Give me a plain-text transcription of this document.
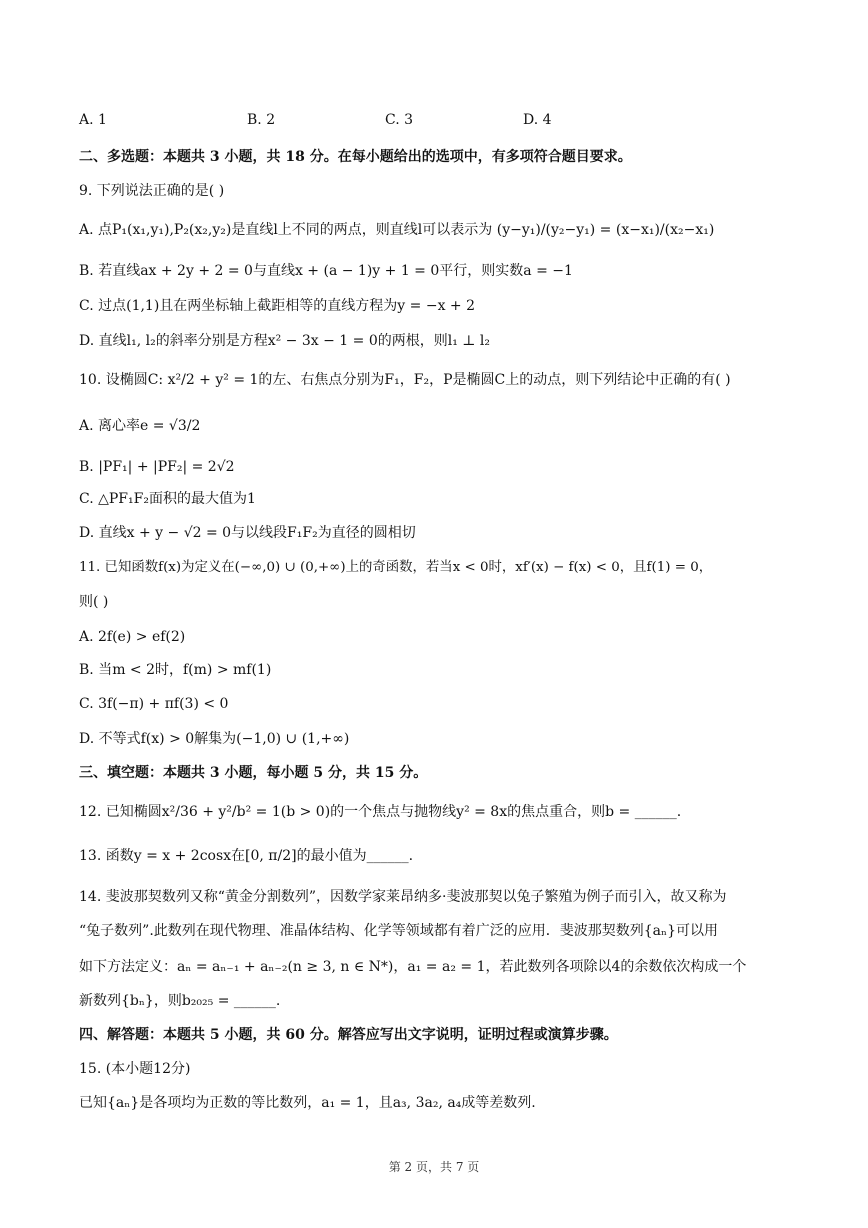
A. 1	B. 2	C. 3	D. 4
二、多选题：本题共 3 小题，共 18 分。在每小题给出的选项中，有多项符合题目要求。
9. 下列说法正确的是( )
A. 点P₁(x₁,y₁),P₂(x₂,y₂)是直线l上不同的两点，则直线l可以表示为 (y−y₁)/(y₂−y₁) = (x−x₁)/(x₂−x₁)
B. 若直线ax + 2y + 2 = 0与直线x + (a − 1)y + 1 = 0平行，则实数a = −1
C. 过点(1,1)且在两坐标轴上截距相等的直线方程为y = −x + 2
D. 直线l₁, l₂的斜率分别是方程x² − 3x − 1 = 0的两根，则l₁ ⊥ l₂
10. 设椭圆C: x²/2 + y² = 1的左、右焦点分别为F₁，F₂，P是椭圆C上的动点，则下列结论中正确的有( )
A. 离心率e = √3/2
B. |PF₁| + |PF₂| = 2√2
C. △PF₁F₂面积的最大值为1
D. 直线x + y − √2 = 0与以线段F₁F₂为直径的圆相切
11. 已知函数f(x)为定义在(−∞,0) ∪ (0,+∞)上的奇函数，若当x < 0时，xf′(x) − f(x) < 0，且f(1) = 0，
则( )
A. 2f(e) > ef(2)
B. 当m < 2时，f(m) > mf(1)
C. 3f(−π) + πf(3) < 0
D. 不等式f(x) > 0解集为(−1,0) ∪ (1,+∞)
三、填空题：本题共 3 小题，每小题 5 分，共 15 分。
12. 已知椭圆x²/36 + y²/b² = 1(b > 0)的一个焦点与抛物线y² = 8x的焦点重合，则b = ______.
13. 函数y = x + 2cosx在[0, π/2]的最小值为______.
14. 斐波那契数列又称“黄金分割数列”，因数学家莱昂纳多·斐波那契以兔子繁殖为例子而引入，故又称为
“兔子数列”.此数列在现代物理、准晶体结构、化学等领域都有着广泛的应用．斐波那契数列{aₙ}可以用
如下方法定义：aₙ = aₙ₋₁ + aₙ₋₂(n ≥ 3, n ∈ N*)，a₁ = a₂ = 1，若此数列各项除以4的余数依次构成一个
新数列{bₙ}，则b₂₀₂₅ = ______.
四、解答题：本题共 5 小题，共 60 分。解答应写出文字说明，证明过程或演算步骤。
15. (本小题12分)
已知{aₙ}是各项均为正数的等比数列，a₁ = 1，且a₃, 3a₂, a₄成等差数列.
第 2 页，共 7 页
